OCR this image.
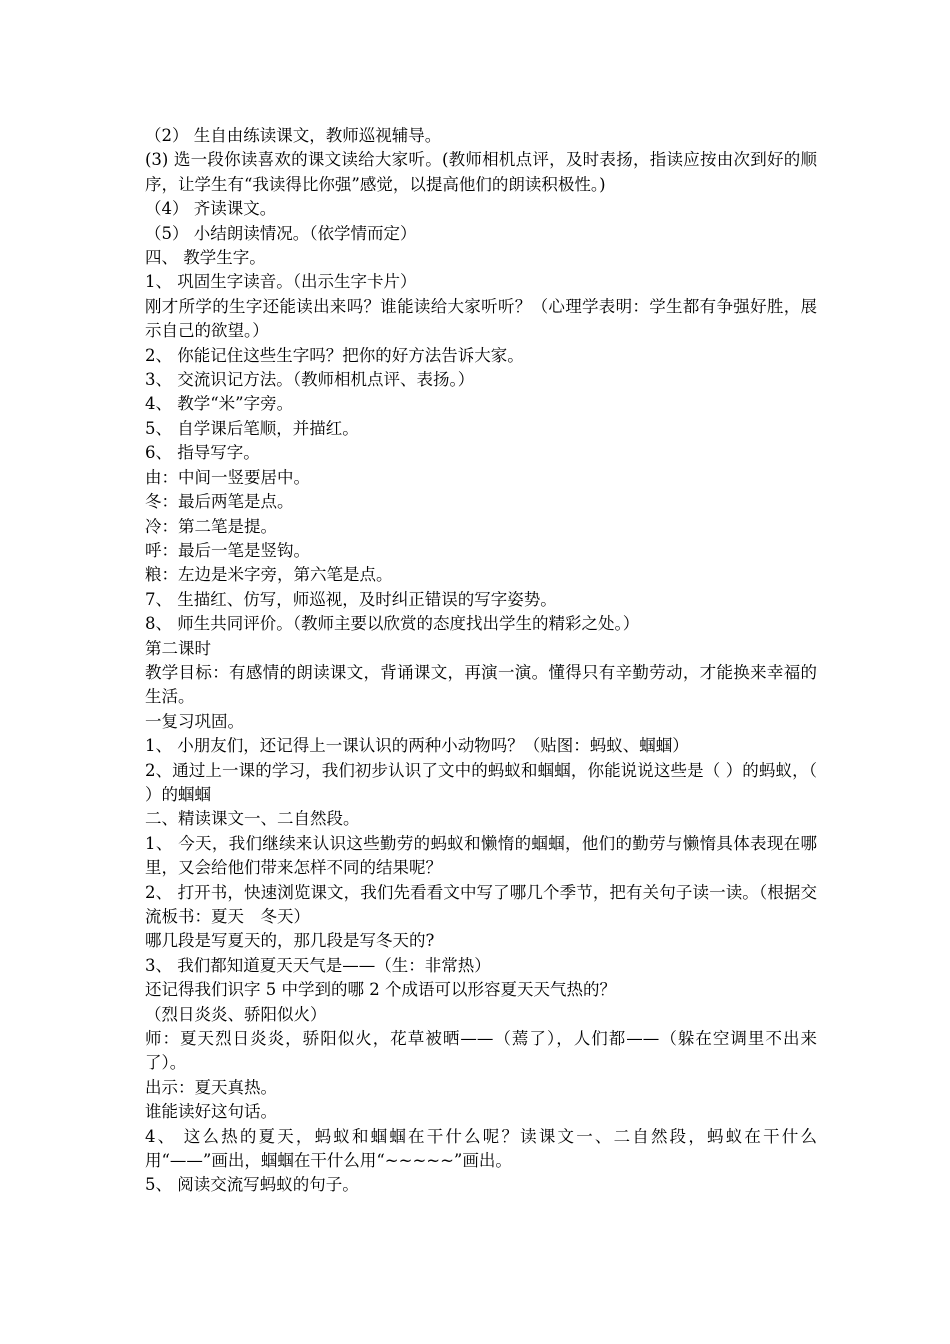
（2） 生自由练读课文，教师巡视辅导。

(3) 选一段你读喜欢的课文读给大家听。(教师相机点评，及时表扬，指读应按由次到好的顺序，让学生有“我读得比你强”感觉，以提高他们的朗读积极性。)

（4） 齐读课文。

（5） 小结朗读情况。（依学情而定）

四、 教学生字。

1、 巩固生字读音。（出示生字卡片）

刚才所学的生字还能读出来吗？谁能读给大家听听？（心理学表明：学生都有争强好胜，展示自己的欲望。）

2、 你能记住这些生字吗？把你的好方法告诉大家。

3、 交流识记方法。（教师相机点评、表扬。）

4、 教学“米”字旁。

5、 自学课后笔顺，并描红。

6、 指导写字。

由：中间一竖要居中。

冬：最后两笔是点。

冷：第二笔是提。

呼：最后一笔是竖钩。

粮：左边是米字旁，第六笔是点。

7、 生描红、仿写，师巡视，及时纠正错误的写字姿势。

8、 师生共同评价。（教师主要以欣赏的态度找出学生的精彩之处。）

第二课时

教学目标：有感情的朗读课文，背诵课文，再演一演。懂得只有辛勤劳动，才能换来幸福的生活。

一复习巩固。

1、 小朋友们，还记得上一课认识的两种小动物吗？（贴图：蚂蚁、蝈蝈）

2、通过上一课的学习，我们初步认识了文中的蚂蚁和蝈蝈，你能说说这些是（ ）的蚂蚁，（ ）的蝈蝈

二、精读课文一、二自然段。

1、 今天，我们继续来认识这些勤劳的蚂蚁和懒惰的蝈蝈，他们的勤劳与懒惰具体表现在哪里，又会给他们带来怎样不同的结果呢？

2、 打开书，快速浏览课文，我们先看看文中写了哪几个季节，把有关句子读一读。（根据交流板书：夏天　冬天）

哪几段是写夏天的，那几段是写冬天的?

3、 我们都知道夏天天气是——（生：非常热）

还记得我们识字 5 中学到的哪 2 个成语可以形容夏天天气热的？

（烈日炎炎、骄阳似火）

师：夏天烈日炎炎，骄阳似火，花草被晒——（蔫了），人们都——（躲在空调里不出来了）。

出示：夏天真热。

谁能读好这句话。

4、 这么热的夏天，蚂蚁和蝈蝈在干什么呢？读课文一、二自然段，蚂蚁在干什么用“——”画出，蝈蝈在干什么用“~~~~~”画出。

5、 阅读交流写蚂蚁的句子。
